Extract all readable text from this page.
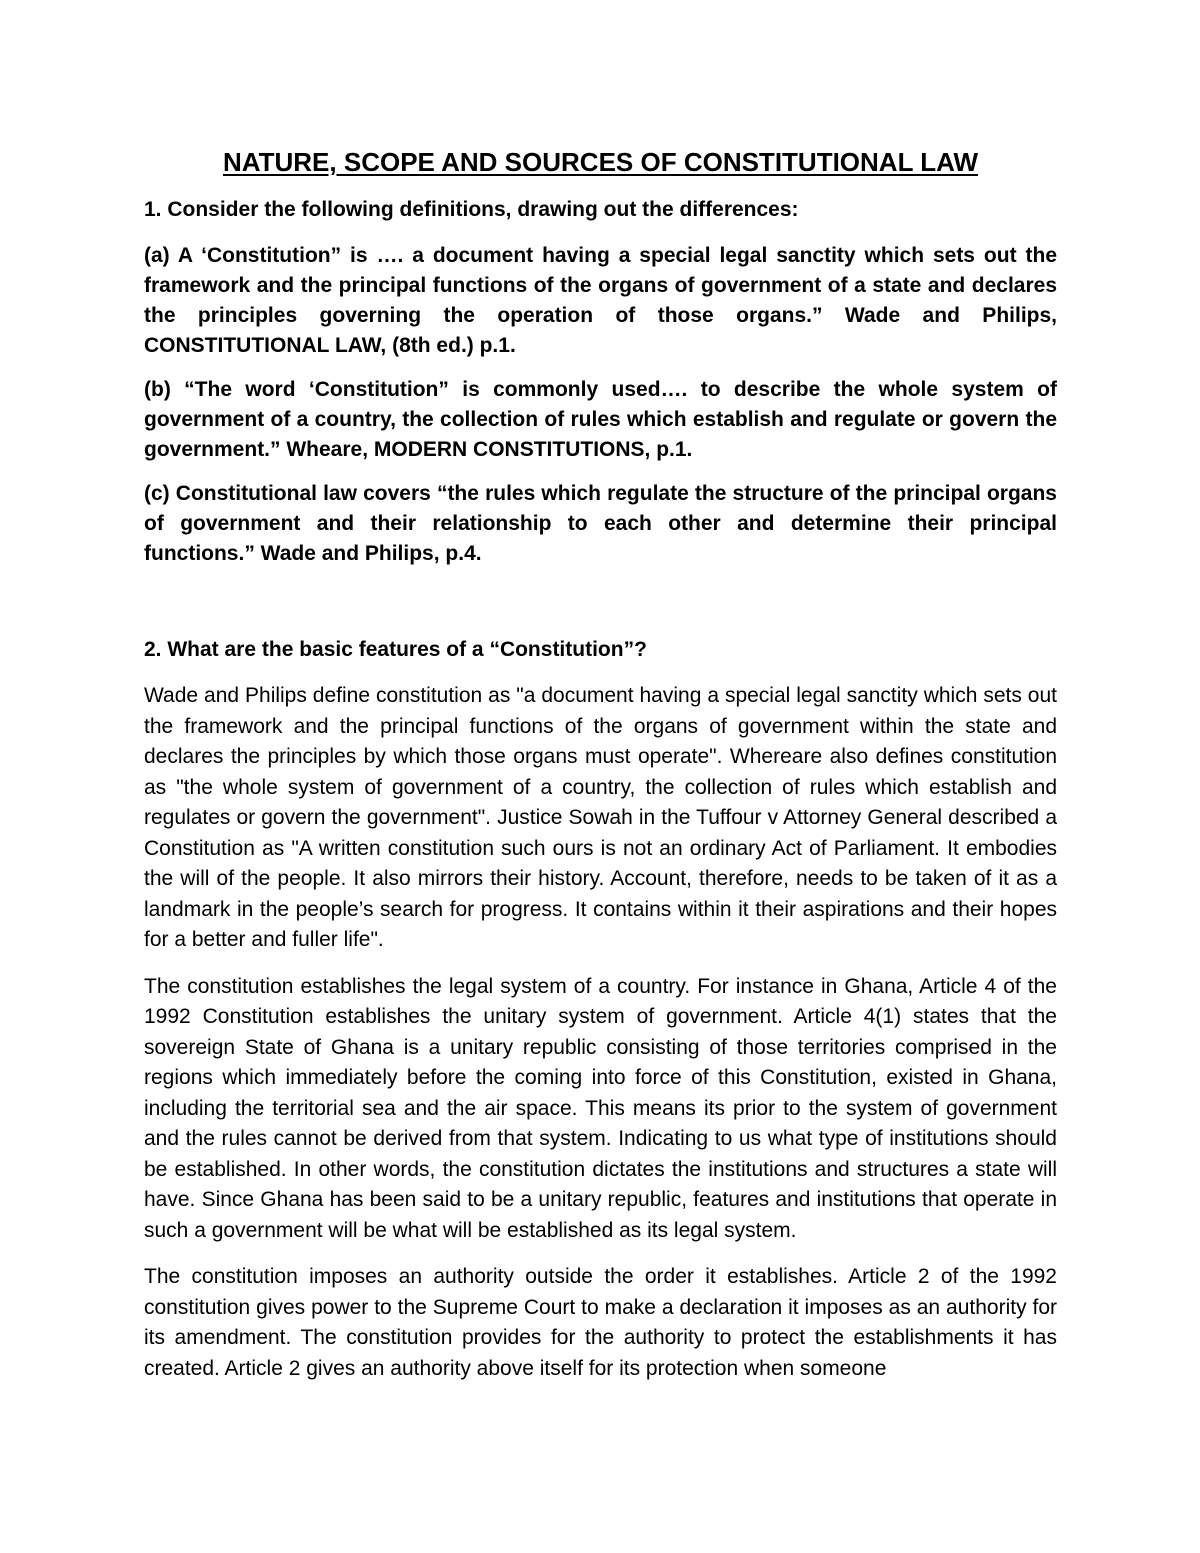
NATURE, SCOPE AND SOURCES OF CONSTITUTIONAL LAW
1. Consider the following definitions, drawing out the differences:
(a) A ‘Constitution” is …. a document having a special legal sanctity which sets out the framework and the principal functions of the organs of government of a state and declares the principles governing the operation of those organs.” Wade and Philips, CONSTITUTIONAL LAW, (8th ed.) p.1.
(b) “The word ‘Constitution” is commonly used…. to describe the whole system of government of a country, the collection of rules which establish and regulate or govern the government.” Wheare, MODERN CONSTITUTIONS, p.1.
(c) Constitutional law covers “the rules which regulate the structure of the principal organs of government and their relationship to each other and determine their principal functions.” Wade and Philips, p.4.
2. What are the basic features of a “Constitution”?
Wade and Philips define constitution as "a document having a special legal sanctity which sets out the framework and the principal functions of the organs of government within the state and declares the principles by which those organs must operate". Whereare also defines constitution as "the whole system of government of a country, the collection of rules which establish and regulates or govern the government". Justice Sowah in the Tuffour v Attorney General described a Constitution as "A written constitution such ours is not an ordinary Act of Parliament. It embodies the will of the people. It also mirrors their history. Account, therefore, needs to be taken of it as a landmark in the people’s search for progress. It contains within it their aspirations and their hopes for a better and fuller life".
The constitution establishes the legal system of a country. For instance in Ghana, Article 4 of the 1992 Constitution establishes the unitary system of government. Article 4(1) states that the sovereign State of Ghana is a unitary republic consisting of those territories comprised in the regions which immediately before the coming into force of this Constitution, existed in Ghana, including the territorial sea and the air space. This means its prior to the system of government and the rules cannot be derived from that system. Indicating to us what type of institutions should be established. In other words, the constitution dictates the institutions and structures a state will have. Since Ghana has been said to be a unitary republic, features and institutions that operate in such a government will be what will be established as its legal system.
The constitution imposes an authority outside the order it establishes. Article 2 of the 1992 constitution gives power to the Supreme Court to make a declaration it imposes as an authority for its amendment. The constitution provides for the authority to protect the establishments it has created. Article 2 gives an authority above itself for its protection when someone
